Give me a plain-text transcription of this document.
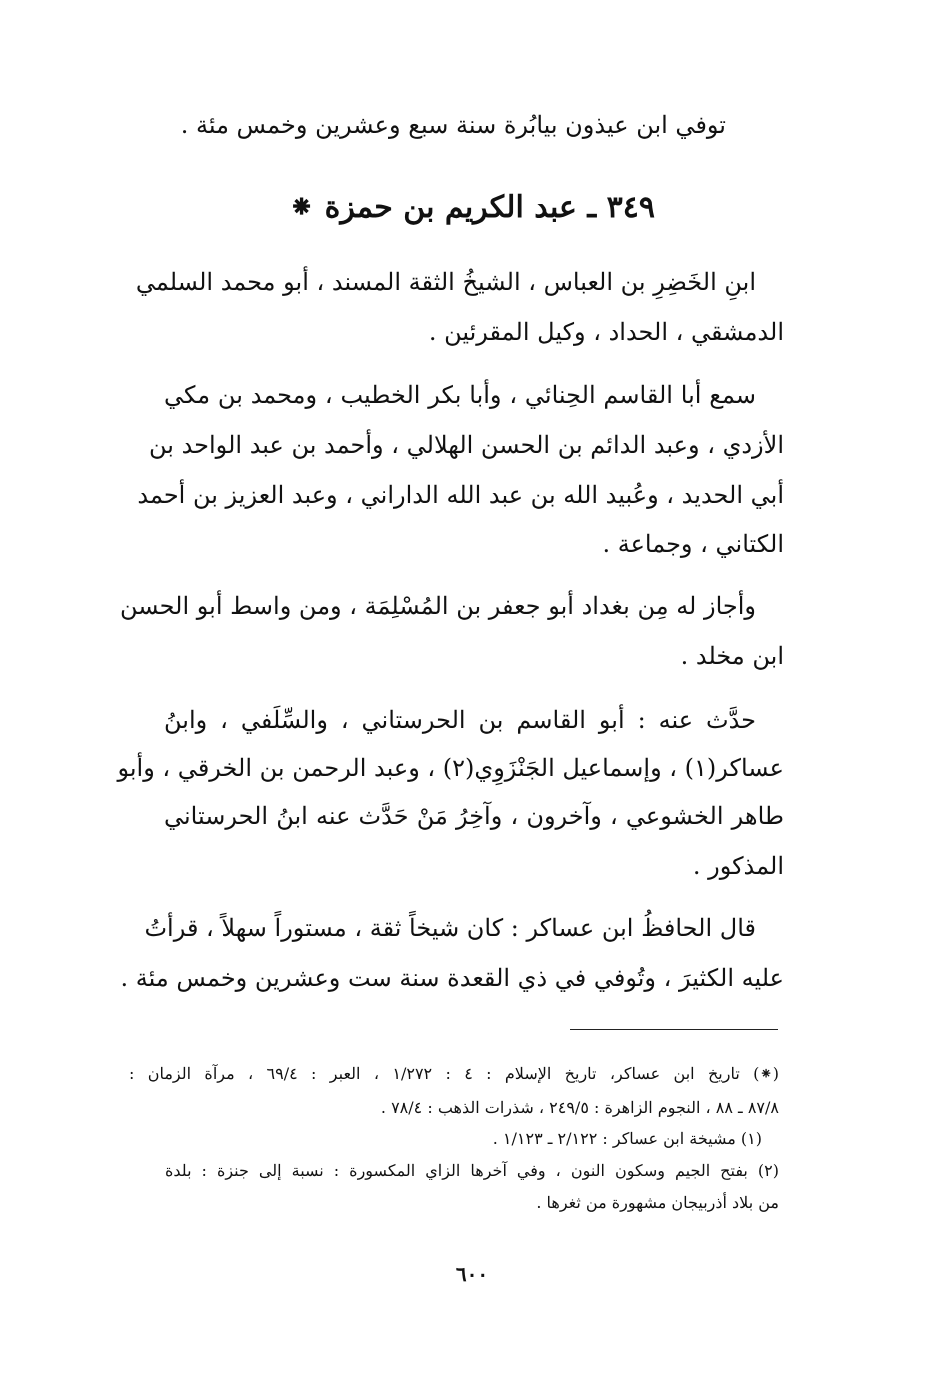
توفي ابن عيذون بيابُرة سنة سبع وعشرين وخمس مئة .
٣٤٩ ـ عبد الكريم بن حمزة ⁕
ابنِ الخَضِرِ بن العباس ، الشيخُ الثقة المسند ، أبو محمد السلمي
الدمشقي ، الحداد ، وكيل المقرئين .
سمع أبا القاسم الحِنائي ، وأبا بكر الخطيب ، ومحمد بن مكي
الأزدي ، وعبد الدائم بن الحسن الهلالي ، وأحمد بن عبد الواحد بن
أبي الحديد ، وعُبيد الله بن عبد الله الداراني ، وعبد العزيز بن أحمد
الكتاني ، وجماعة .
وأجاز له مِن بغداد أبو جعفر بن المُسْلِمَة ، ومن واسط أبو الحسن
ابن مخلد .
حدَّث عنه : أبو القاسم بن الحرستاني ، والسِّلَفي ، وابنُ
عساكر(١) ، وإسماعيل الجَنْزَوِي(٢) ، وعبد الرحمن بن الخرقي ، وأبو
طاهر الخشوعي ، وآخرون ، وآخِرُ مَنْ حَدَّث عنه ابنُ الحرستاني
المذكور .
قال الحافظُ ابن عساكر : كان شيخاً ثقة ، مستوراً سهلاً ، قرأتُ
عليه الكثيرَ ، وتُوفي في ذي القعدة سنة ست وعشرين وخمس مئة .
(⁕) تاريخ ابن عساكر، تاريخ الإسلام : ٤ : ١/٢٧٢ ، العبر : ٦٩/٤ ، مرآة الزمان :
٨٧/٨ ـ ٨٨ ، النجوم الزاهرة : ٢٤٩/٥ ، شذرات الذهب : ٧٨/٤ .
(١) مشيخة ابن عساكر : ٢/١٢٢ ـ ١/١٢٣ .
(٢) بفتح الجيم وسكون النون ، وفي آخرها الزاي المكسورة : نسبة إلى جنزة : بلدة
من بلاد أذربيجان مشهورة من ثغرها .
٦٠٠
